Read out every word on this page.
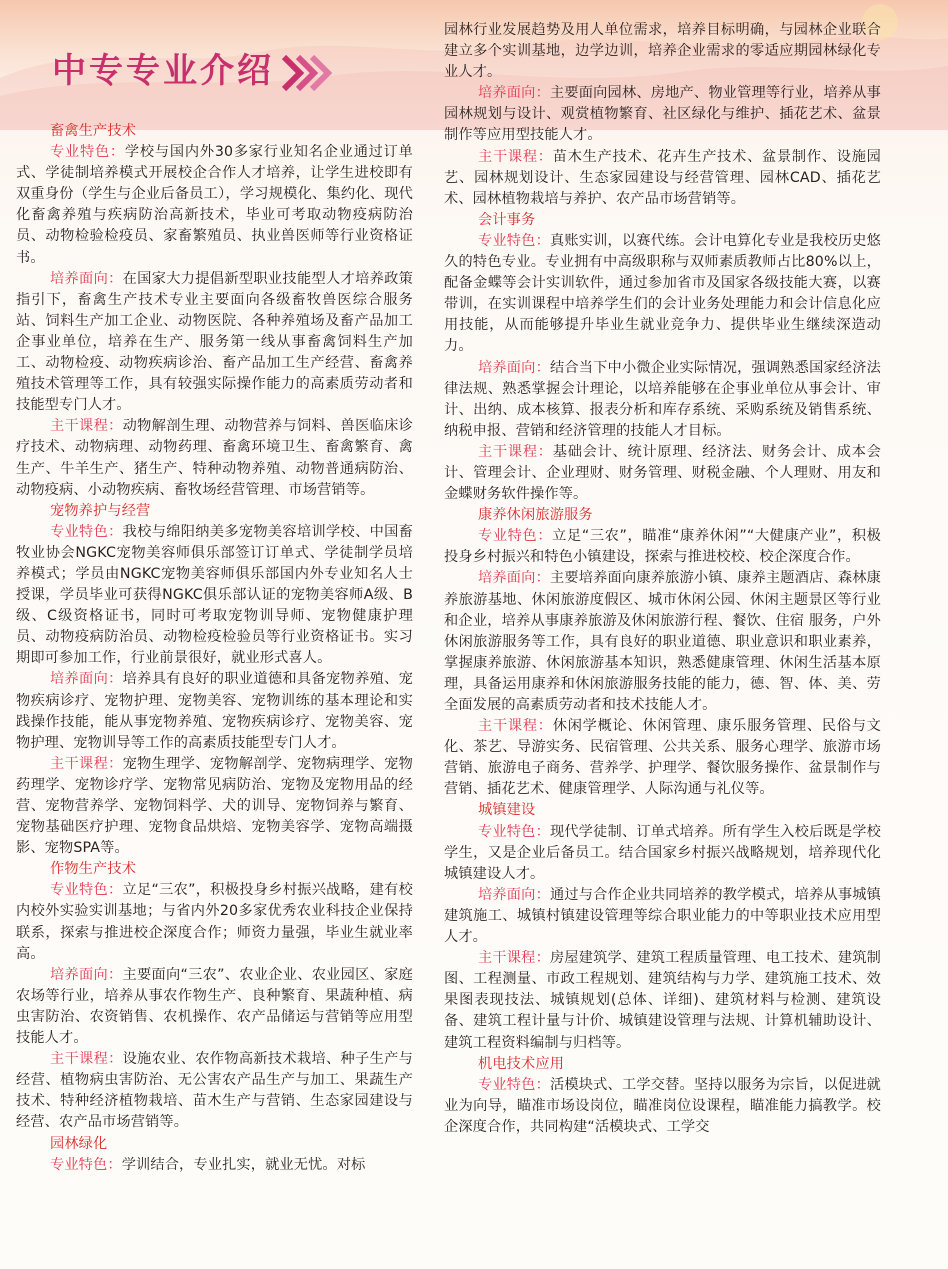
中专专业介绍

畜禽生产技术

专业特色：学校与国内外30多家行业知名企业通过订单式、学徒制培养模式开展校企合作人才培养，让学生进校即有双重身份（学生与企业后备员工），学习规模化、集约化、现代化畜禽养殖与疾病防治高新技术，毕业可考取动物疫病防治员、动物检验检疫员、家畜繁殖员、执业兽医师等行业资格证书。

培养面向：在国家大力提倡新型职业技能型人才培养政策指引下，畜禽生产技术专业主要面向各级畜牧兽医综合服务站、饲料生产加工企业、动物医院、各种养殖场及畜产品加工企事业单位，培养在生产、服务第一线从事畜禽饲料生产加工、动物检疫、动物疾病诊治、畜产品加工生产经营、畜禽养殖技术管理等工作，具有较强实际操作能力的高素质劳动者和技能型专门人才。

主干课程：动物解剖生理、动物营养与饲料、兽医临床诊疗技术、动物病理、动物药理、畜禽环境卫生、畜禽繁育、禽生产、牛羊生产、猪生产、特种动物养殖、动物普通病防治、动物疫病、小动物疾病、畜牧场经营管理、市场营销等。

宠物养护与经营

专业特色：我校与绵阳纳美多宠物美容培训学校、中国畜牧业协会NGKC宠物美容师俱乐部签订订单式、学徒制学员培养模式；学员由NGKC宠物美容师俱乐部国内外专业知名人士授课，学员毕业可获得NGKC俱乐部认证的宠物美容师A级、B级、C级资格证书，同时可考取宠物训导师、宠物健康护理员、动物疫病防治员、动物检疫检验员等行业资格证书。实习期即可参加工作，行业前景很好，就业形式喜人。

培养面向：培养具有良好的职业道德和具备宠物养殖、宠物疾病诊疗、宠物护理、宠物美容、宠物训练的基本理论和实践操作技能，能从事宠物养殖、宠物疾病诊疗、宠物美容、宠物护理、宠物训导等工作的高素质技能型专门人才。

主干课程：宠物生理学、宠物解剖学、宠物病理学、宠物药理学、宠物诊疗学、宠物常见病防治、宠物及宠物用品的经营、宠物营养学、宠物饲料学、犬的训导、宠物饲养与繁育、宠物基础医疗护理、宠物食品烘焙、宠物美容学、宠物高端摄影、宠物SPA等。

作物生产技术

专业特色：立足“三农”，积极投身乡村振兴战略，建有校内校外实验实训基地；与省内外20多家优秀农业科技企业保持联系，探索与推进校企深度合作；师资力量强，毕业生就业率高。

培养面向：主要面向“三农”、农业企业、农业园区、家庭农场等行业，培养从事农作物生产、良种繁育、果蔬种植、病虫害防治、农资销售、农机操作、农产品储运与营销等应用型技能人才。

主干课程：设施农业、农作物高新技术栽培、种子生产与经营、植物病虫害防治、无公害农产品生产与加工、果蔬生产技术、特种经济植物栽培、苗木生产与营销、生态家园建设与经营、农产品市场营销等。

园林绿化

专业特色：学训结合，专业扎实，就业无忧。对标

园林行业发展趋势及用人单位需求，培养目标明确，与园林企业联合建立多个实训基地，边学边训，培养企业需求的零适应期园林绿化专业人才。

培养面向：主要面向园林、房地产、物业管理等行业，培养从事园林规划与设计、观赏植物繁育、社区绿化与维护、插花艺术、盆景制作等应用型技能人才。

主干课程：苗木生产技术、花卉生产技术、盆景制作、设施园艺、园林规划设计、生态家园建设与经营管理、园林CAD、插花艺术、园林植物栽培与养护、农产品市场营销等。

会计事务

专业特色：真账实训，以赛代练。会计电算化专业是我校历史悠久的特色专业。专业拥有中高级职称与双师素质教师占比80%以上，配备金蝶等会计实训软件，通过参加省市及国家各级技能大赛，以赛带训，在实训课程中培养学生们的会计业务处理能力和会计信息化应用技能，从而能够提升毕业生就业竞争力、提供毕业生继续深造动力。

培养面向：结合当下中小微企业实际情况，强调熟悉国家经济法律法规、熟悉掌握会计理论，以培养能够在企事业单位从事会计、审计、出纳、成本核算、报表分析和库存系统、采购系统及销售系统、纳税申报、营销和经济管理的技能人才目标。

主干课程：基础会计、统计原理、经济法、财务会计、成本会计、管理会计、企业理财、财务管理、财税金融、个人理财、用友和金蝶财务软件操作等。

康养休闲旅游服务

专业特色：立足“三农”，瞄准“康养休闲”“大健康产业”，积极投身乡村振兴和特色小镇建设，探索与推进校校、校企深度合作。

培养面向：主要培养面向康养旅游小镇、康养主题酒店、森林康养旅游基地、休闲旅游度假区、城市休闲公园、休闲主题景区等行业和企业，培养从事康养旅游及休闲旅游行程、餐饮、住宿 服务，户外休闲旅游服务等工作，具有良好的职业道德、职业意识和职业素养，掌握康养旅游、休闲旅游基本知识，熟悉健康管理、休闲生活基本原理，具备运用康养和休闲旅游服务技能的能力，德、智、体、美、劳全面发展的高素质劳动者和技术技能人才。

主干课程：休闲学概论、休闲管理、康乐服务管理、民俗与文化、茶艺、导游实务、民宿管理、公共关系、服务心理学、旅游市场营销、旅游电子商务、营养学、护理学、餐饮服务操作、盆景制作与营销、插花艺术、健康管理学、人际沟通与礼仪等。

城镇建设

专业特色：现代学徒制、订单式培养。所有学生入校后既是学校学生，又是企业后备员工。结合国家乡村振兴战略规划，培养现代化城镇建设人才。

培养面向：通过与合作企业共同培养的教学模式，培养从事城镇建筑施工、城镇村镇建设管理等综合职业能力的中等职业技术应用型人才。

主干课程：房屋建筑学、建筑工程质量管理、电工技术、建筑制图、工程测量、市政工程规划、建筑结构与力学、建筑施工技术、效果图表现技法、城镇规划(总体、详细)、建筑材料与检测、建筑设备、建筑工程计量与计价、城镇建设管理与法规、计算机辅助设计、建筑工程资料编制与归档等。

机电技术应用

专业特色：活模块式、工学交替。坚持以服务为宗旨，以促进就业为向导，瞄准市场设岗位，瞄准岗位设课程，瞄准能力搞教学。校企深度合作，共同构建“活模块式、工学交
